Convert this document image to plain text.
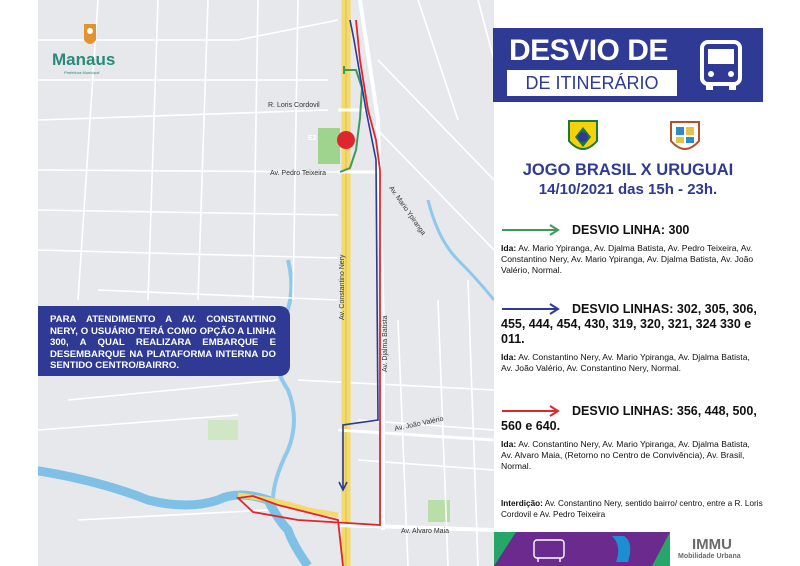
E2
R. Loris Cordovil
Av. Pedro Teixeira
Av. Mario Ypiranga
Av. Constantino Nery
Av. Djalma Batista
Av. João Valério
Av. Alvaro Maia
Manaus
Prefeitura Municipal
PARA ATENDIMENTO A AV. CONSTANTINO NERY, O USUÁRIO TERÁ COMO OPÇÃO A LINHA 300, A QUAL REALIZARA EMBARQUE E DESEMBARQUE NA PLATAFORMA INTERNA DO SENTIDO CENTRO/BAIRRO.
DESVIO DE
DE ITINERÁRIO
JOGO BRASIL X URUGUAI
14/10/2021 das 15h - 23h.
DESVIO LINHA: 300
Ida: Av. Mario Ypiranga, Av. Djalma Batista, Av. Pedro Teixeira, Av. Constantino Nery, Av. Mario Ypiranga, Av. Djalma Batista, Av. João Valério, Normal.
DESVIO LINHAS: 302, 305, 306, 455, 444, 454, 430, 319, 320, 321, 324 330 e 011.
Ida: Av. Constantino Nery, Av. Mario Ypiranga, Av. Djalma Batista, Av. João Valério, Av. Constantino Nery, Normal.
DESVIO LINHAS: 356, 448, 500, 560 e 640.
Ida: Av. Constantino Nery, Av. Mario Ypiranga, Av. Djalma Batista, Av. Alvaro Maia, (Retorno no Centro de Convivência), Av. Brasil, Normal.
Interdição: Av. Constantino Nery, sentido bairro/ centro, entre a R. Loris Cordovil e Av. Pedro Teixeira
IMMU
Mobilidade Urbana
